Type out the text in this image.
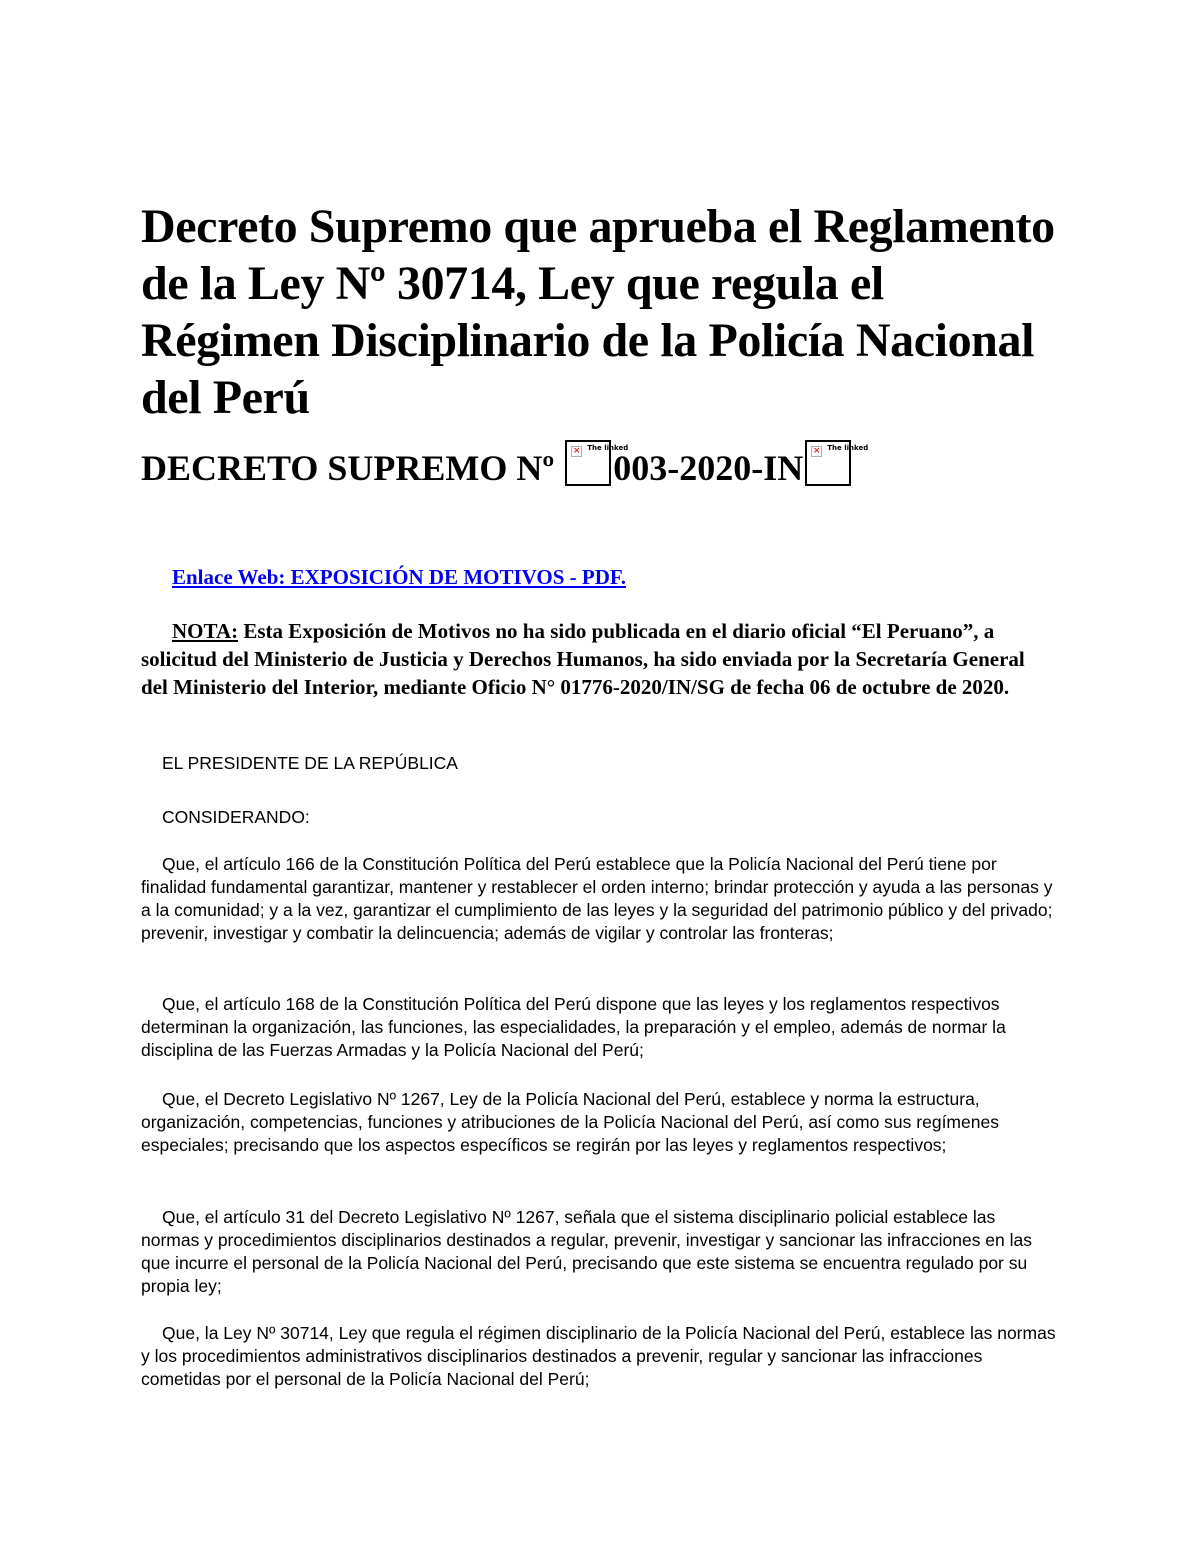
Decreto Supremo que aprueba el Reglamento de la Ley Nº 30714, Ley que regula el Régimen Disciplinario de la Policía Nacional del Perú
DECRETO SUPREMO Nº × The linked
003-2020-IN × The linked

Enlace Web: EXPOSICIÓN DE MOTIVOS - PDF.

NOTA: Esta Exposición de Motivos no ha sido publicada en el diario oficial “El Peruano”, a solicitud del Ministerio de Justicia y Derechos Humanos, ha sido enviada por la Secretaría General del Ministerio del Interior, mediante Oficio N° 01776-2020/IN/SG de fecha 06 de octubre de 2020.

EL PRESIDENTE DE LA REPÚBLICA

CONSIDERANDO:

Que, el artículo 166 de la Constitución Política del Perú establece que la Policía Nacional del Perú tiene por finalidad fundamental garantizar, mantener y restablecer el orden interno; brindar protección y ayuda a las personas y a la comunidad; y a la vez, garantizar el cumplimiento de las leyes y la seguridad del patrimonio público y del privado; prevenir, investigar y combatir la delincuencia; además de vigilar y controlar las fronteras;

Que, el artículo 168 de la Constitución Política del Perú dispone que las leyes y los reglamentos respectivos determinan la organización, las funciones, las especialidades, la preparación y el empleo, además de normar la disciplina de las Fuerzas Armadas y la Policía Nacional del Perú;

Que, el Decreto Legislativo Nº 1267, Ley de la Policía Nacional del Perú, establece y norma la estructura, organización, competencias, funciones y atribuciones de la Policía Nacional del Perú, así como sus regímenes especiales; precisando que los aspectos específicos se regirán por las leyes y reglamentos respectivos;

Que, el artículo 31 del Decreto Legislativo Nº 1267, señala que el sistema disciplinario policial establece las normas y procedimientos disciplinarios destinados a regular, prevenir, investigar y sancionar las infracciones en las que incurre el personal de la Policía Nacional del Perú, precisando que este sistema se encuentra regulado por su propia ley;

Que, la Ley Nº 30714, Ley que regula el régimen disciplinario de la Policía Nacional del Perú, establece las normas y los procedimientos administrativos disciplinarios destinados a prevenir, regular y sancionar las infracciones cometidas por el personal de la Policía Nacional del Perú;
